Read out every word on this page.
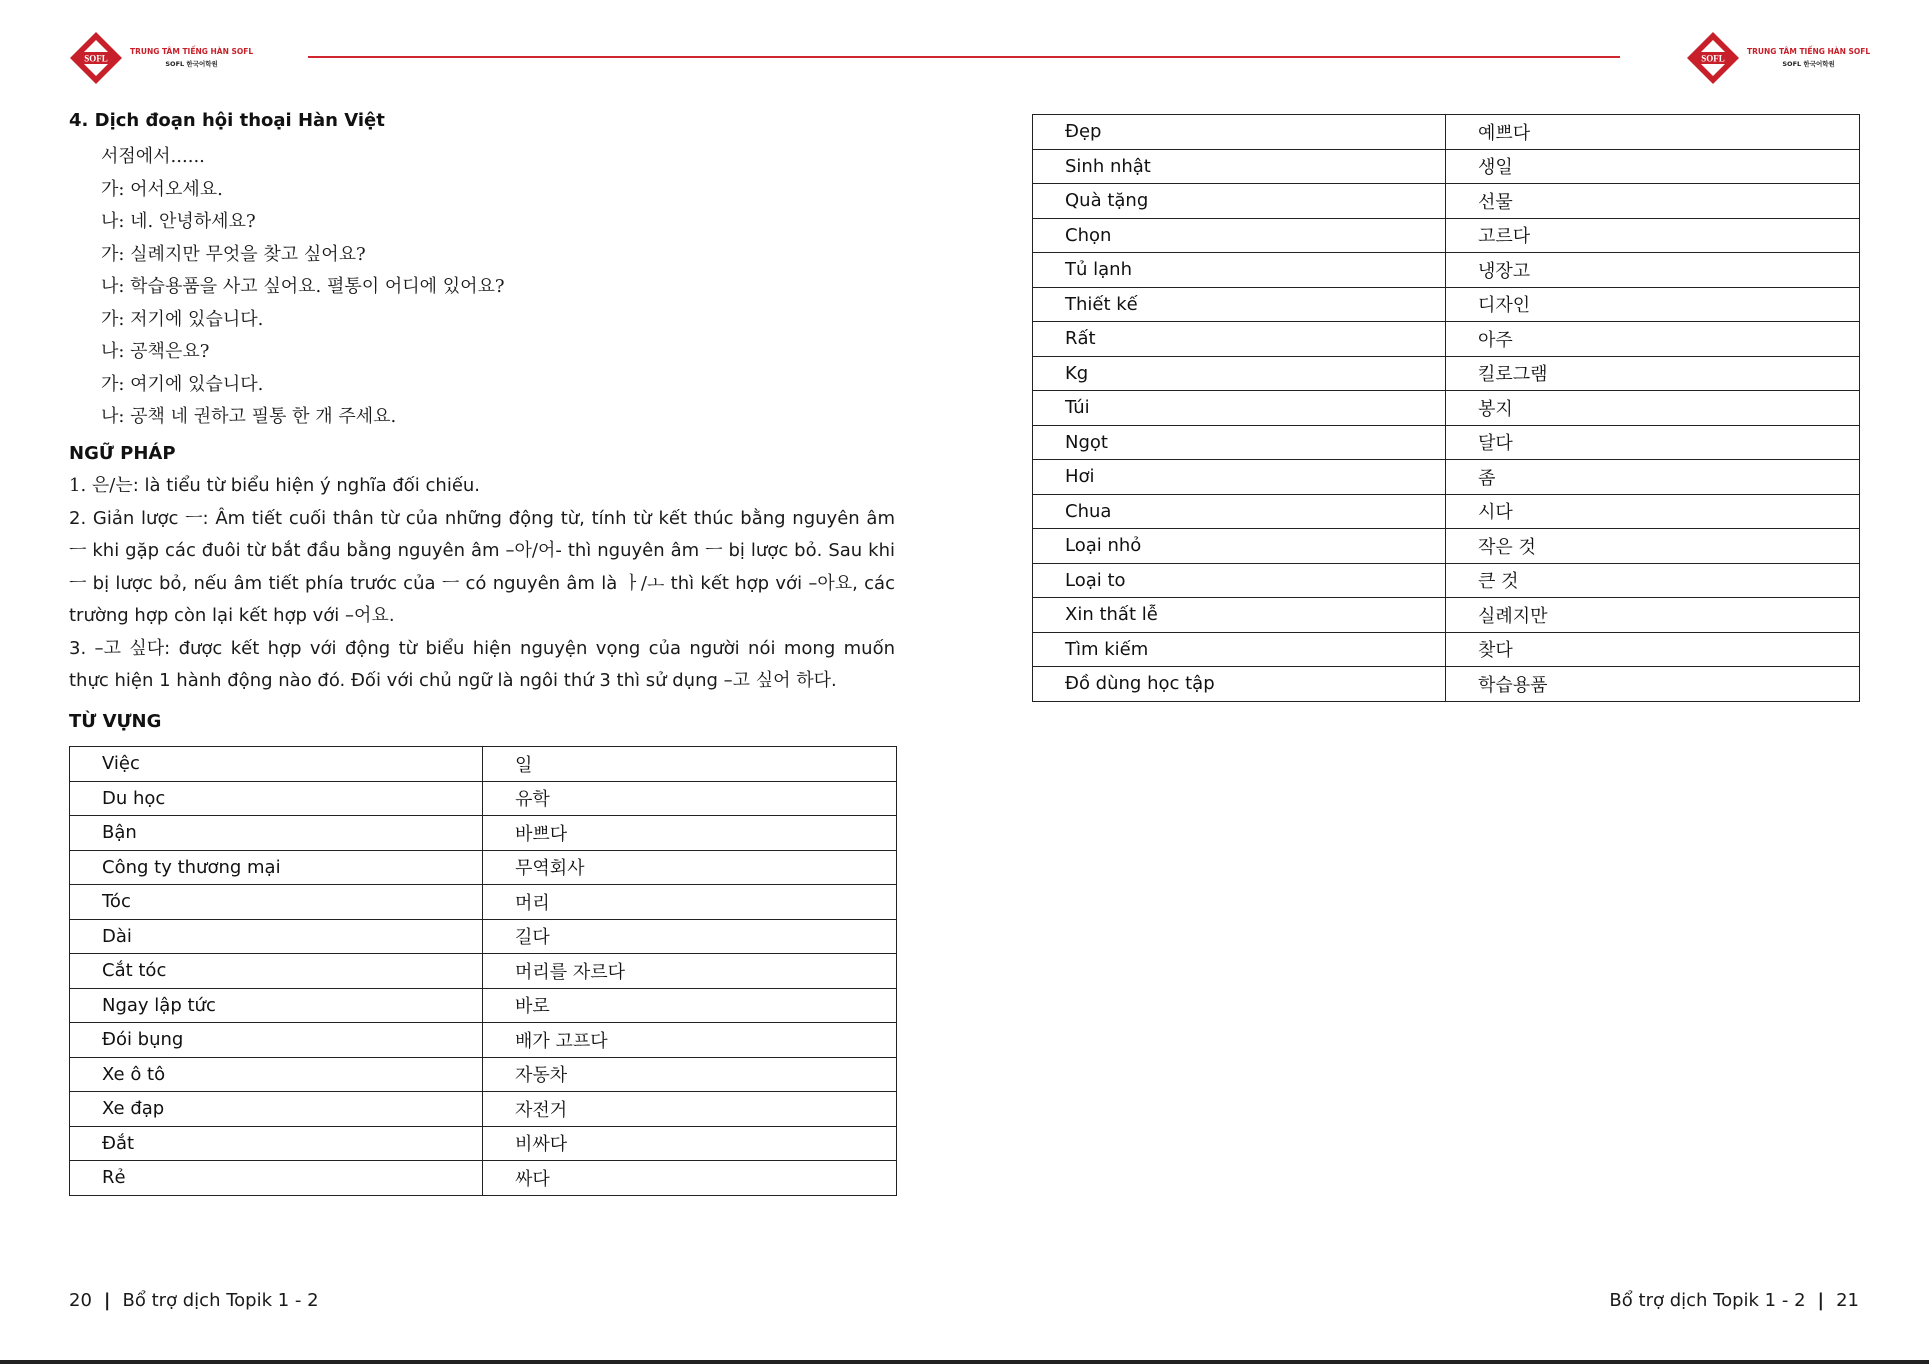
SOFL
TRUNG TÂM TIẾNG HÀN SOFL
SOFL 한국어학원
SOFL
TRUNG TÂM TIẾNG HÀN SOFL
SOFL 한국어학원
4. Dịch đoạn hội thoại Hàn Việt
서점에서......
가: 어서오세요.
나: 네. 안녕하세요?
가: 실례지만 무엇을 찾고 싶어요?
나: 학습용품을 사고 싶어요. 펼통이 어디에 있어요?
가: 저기에 있습니다.
나: 공책은요?
가: 여기에 있습니다.
나: 공책 네 권하고 필통 한 개 주세요.
NGỮ PHÁP
1. 은/는: là tiểu từ biểu hiện ý nghĩa đối chiếu.
2. Giản lược ㅡ: Âm tiết cuối thân từ của những động từ, tính từ kết thúc bằng nguyên âm ㅡ khi gặp các đuôi từ bắt đầu bằng nguyên âm –아/어- thì nguyên âm ㅡ bị lược bỏ. Sau khi ㅡ bị lược bỏ, nếu âm tiết phía trước của ㅡ có nguyên âm là ㅏ/ㅗ thì kết hợp với –아요, các trường hợp còn lại kết hợp với –어요.
3. –고 싶다: được kết hợp với động từ biểu hiện nguyện vọng của người nói mong muốn thực hiện 1 hành động nào đó. Đối với chủ ngữ là ngôi thứ 3 thì sử dụng –고 싶어 하다.
TỪ VỰNG
Việc	일
Du học	유학
Bận	바쁘다
Công ty thương mại	무역회사
Tóc	머리
Dài	길다
Cắt tóc	머리를 자르다
Ngay lập tức	바로
Đói bụng	배가 고프다
Xe ô tô	자동차
Xe đạp	자전거
Đắt	비싸다
Rẻ	싸다
20 | Bổ trợ dịch Topik 1 - 2
Đẹp	예쁘다
Sinh nhật	생일
Quà tặng	선물
Chọn	고르다
Tủ lạnh	냉장고
Thiết kế	디자인
Rất	아주
Kg	킬로그램
Túi	봉지
Ngọt	달다
Hơi	좀
Chua	시다
Loại nhỏ	작은 것
Loại to	큰 것
Xin thất lễ	실례지만
Tìm kiếm	찾다
Đồ dùng học tập	학습용품
Bổ trợ dịch Topik 1 - 2 | 21
